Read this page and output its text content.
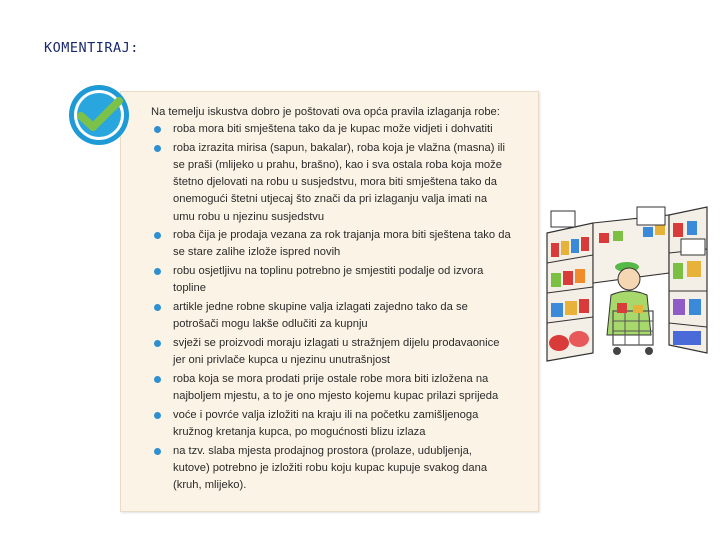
KOMENTIRAJ:
Na temelju iskustva dobro je poštovati ova opća pravila izlaganja robe:
roba mora biti smještena tako da je kupac može vidjeti i dohvatiti
roba izrazita mirisa (sapun, bakalar), roba koja je vlažna (masna) ili se praši (mlijeko u prahu, brašno), kao i sva ostala roba koja može štetno djelovati na robu u susjedstvu, mora biti smještena tako da onemogući štetni utjecaj što znači da pri izlaganju valja imati na umu robu u njezinu susjedstvu
roba čija je prodaja vezana za rok trajanja mora biti sještena tako da se stare zalihe izlože ispred novih
robu osjetljivu na toplinu potrebno je smjestiti podalje od izvora topline
artikle jedne robne skupine valja izlagati zajedno tako da se potrošači mogu lakše odlučiti za kupnju
svježi se proizvodi moraju izlagati u stražnjem dijelu prodavaonice jer oni privlače kupca u njezinu unutrašnjost
roba koja se mora prodati prije ostale robe mora biti izložena na najboljem mjestu, a to je ono mjesto kojemu kupac prilazi sprijeda
voće i povrće valja izložiti na kraju ili na početku zamišljenoga kružnog kretanja kupca, po mogućnosti blizu izlaza
na tzv. slaba mjesta prodajnog prostora (prolaze, udubljenja, kutove) potrebno je izložiti robu koju kupac kupuje svakog dana (kruh, mlijeko).
